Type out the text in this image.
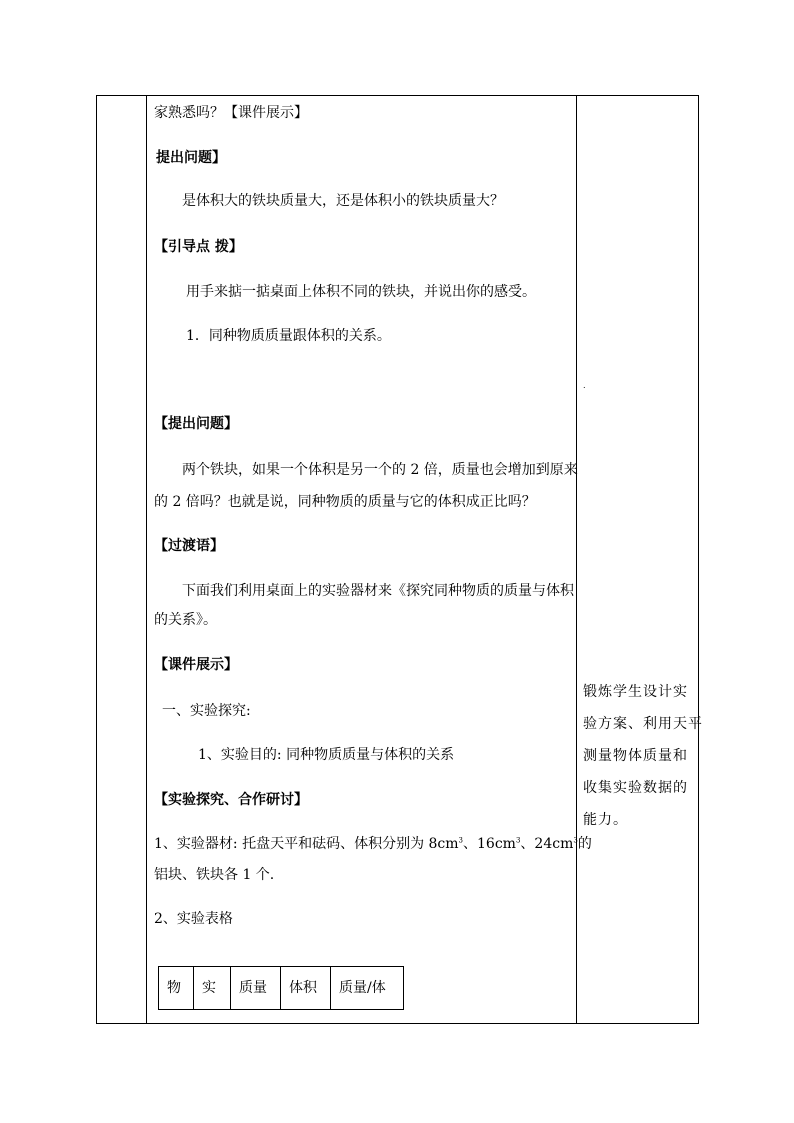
家熟悉吗？【课件展示】
提出问题】
是体积大的铁块质量大，还是体积小的铁块质量大？
【引导点 拨】
用手来掂一掂桌面上体积不同的铁块，并说出你的感受。
1．同种物质质量跟体积的关系。
【提出问题】
两个铁块，如果一个体积是另一个的 2 倍，质量也会增加到原来
的 2 倍吗？也就是说，同种物质的质量与它的体积成正比吗？
【过渡语】
下面我们利用桌面上的实验器材来《探究同种物质的质量与体积
的关系》。
【课件展示】
一、实验探究:
1、实验目的: 同种物质质量与体积的关系
【实验探究、合作研讨】
1、实验器材: 托盘天平和砝码、体积分别为 $8cm^3$、$16cm^3$、$24cm^3$的
铝块、铁块各 1 个.
2、实验表格
物	实	质量	体积	质量/体
.
锻炼学生设计实
验方案、利用天平
测量物体质量和
收集实验数据的
能力。
